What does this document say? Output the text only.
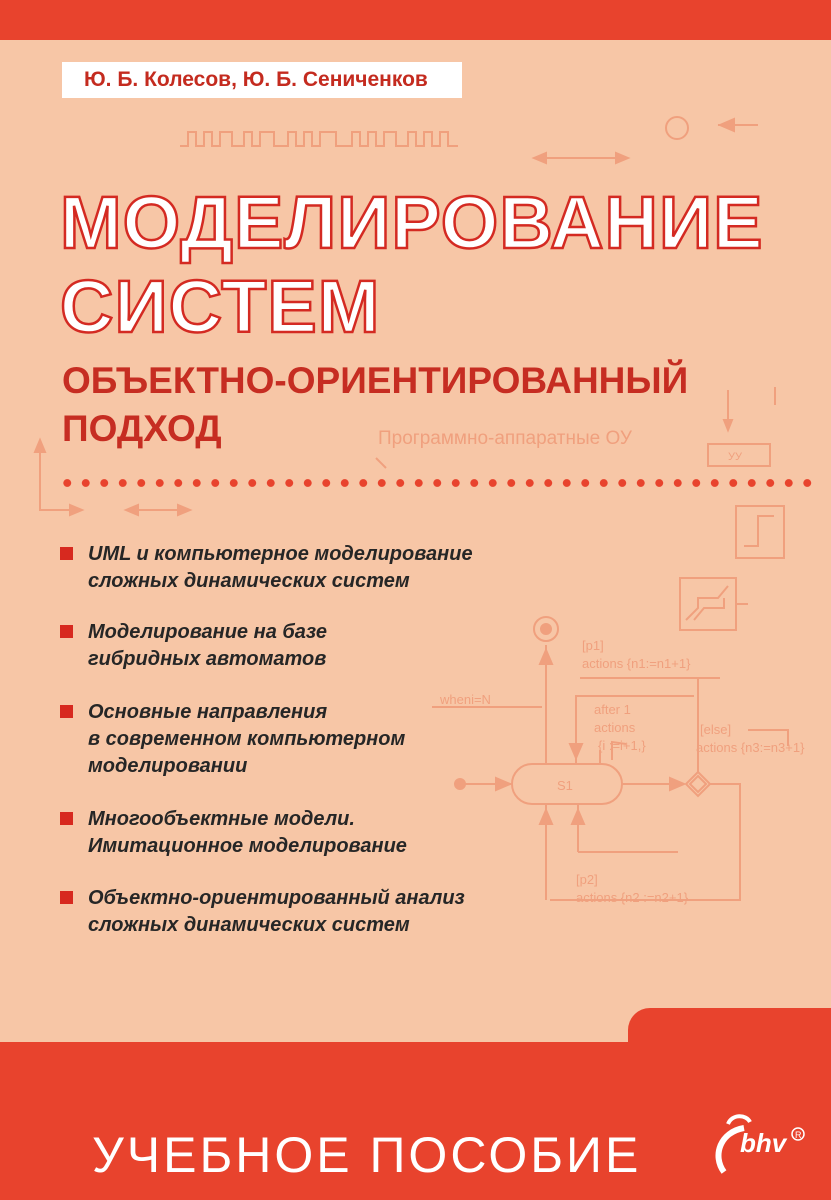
Ю. Б. Колесов, Ю. Б. Сениченков
Программно-аппаратные ОУ
УУ
wheni=N
[p1]
actions {n1:=n1+1}
after 1
actions
{i :=i+1,}
[else]
actions {n3:=n3+1}
S1
[p2]
actions {n2 :=n2+1}
МОДЕЛИРОВАНИЕ
СИСТЕМ
ОБЪЕКТНО-ОРИЕНТИРОВАННЫЙ
ПОДХОД
UML и компьютерное моделирование
сложных динамических систем
Моделирование на базе
гибридных автоматов
Основные направления
в современном компьютерном
моделировании
Многообъектные модели.
Имитационное моделирование
Объектно-ориентированный анализ
сложных динамических систем
УЧЕБНОЕ ПОСОБИЕ	bhv R
